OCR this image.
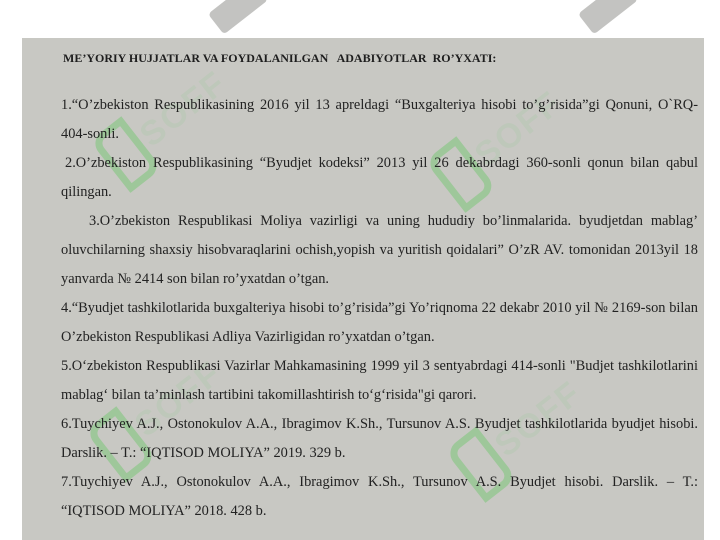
SOFF
SOFF	SOFF
SOFF
ME’YORIY HUJJATLAR VA FOYDALANILGAN   ADABIYOTLAR  RO’YXATI:

1.“O’zbekiston Respublikasining 2016 yil 13 apreldagi “Buxgalteriya hisobi to’g’risida”gi Qonuni, O`RQ-404-sonli.

2.O’zbekiston Respublikasining “Byudjet kodeksi” 2013 yil 26 dekabrdagi 360-sonli qonun bilan qabul qilingan.

3.O’zbekiston Respublikasi Moliya vazirligi va uning hududiy bo’linmalarida. byudjetdan mablag’ oluvchilarning shaxsiy hisobvaraqlarini ochish,yopish va yuritish qoidalari” O’zR AV. tomonidan 2013yil 18 yanvarda № 2414 son bilan ro’yxatdan o’tgan.

4.“Byudjet tashkilotlarida buxgalteriya hisobi to’g’risida”gi Yo’riqnoma 22 dekabr 2010 yil № 2169-son bilan O’zbekiston Respublikasi Adliya Vazirligidan ro’yxatdan o’tgan.

5.O‘zbekiston Respublikasi Vazirlar Mahkamasining 1999 yil 3 sentyabrdagi 414-sonli "Budjet tashkilotlarini mablag‘ bilan ta’minlash tartibini takomillashtirish to‘g‘risida"gi qarori.

6.Tuychiyev A.J., Ostonokulov A.A., Ibragimov K.Sh., Tursunov A.S. Byudjet tashkilotlarida byudjet hisobi. Darslik. – T.: “IQTISOD MOLIYA” 2019. 329 b.

7.Tuychiyev A.J., Ostonokulov A.A., Ibragimov K.Sh., Tursunov A.S. Byudjet hisobi. Darslik. – T.: “IQTISOD MOLIYA” 2018. 428 b.
